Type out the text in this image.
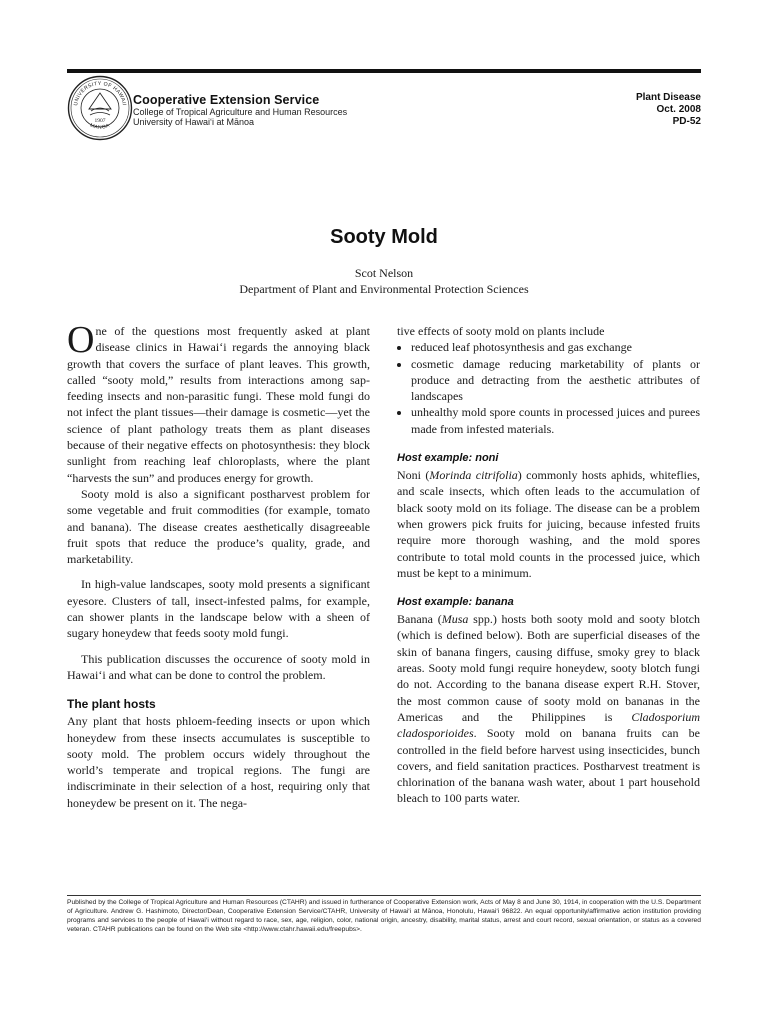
UNIVERSITY OF HAWAII
MANOA
1907
Cooperative Extension Service
College of Tropical Agriculture and Human Resources
University of Hawai‘i at Mānoa
Plant Disease
Oct. 2008
PD-52
Sooty Mold
Scot Nelson
Department of Plant and Environmental Protection Sciences

One of the questions most frequently asked at plant disease clinics in Hawai‘i regards the annoying black growth that covers the surface of plant leaves. This growth, called “sooty mold,” results from interactions among sap-feeding insects and non-parasitic fungi. These mold fungi do not infect the plant tissues—their damage is cosmetic—yet the science of plant pathology treats them as plant diseases because of their negative effects on photosynthesis: they block sunlight from reaching leaf chloroplasts, where the plant “harvests the sun” and produces energy for growth.

Sooty mold is also a significant postharvest problem for some vegetable and fruit commodities (for example, tomato and banana). The disease creates aesthetically disagreeable fruit spots that reduce the produce’s quality, grade, and marketability.

In high-value landscapes, sooty mold presents a significant eyesore. Clusters of tall, insect-infested palms, for example, can shower plants in the landscape below with a sheen of sugary honeydew that feeds sooty mold fungi.

This publication discusses the occurence of sooty mold in Hawai‘i and what can be done to control the problem.

The plant hosts

Any plant that hosts phloem-feeding insects or upon which honeydew from these insects accumulates is susceptible to sooty mold. The problem occurs widely throughout the world’s temperate and tropical regions. The fungi are indiscriminate in their selection of a host, requiring only that honeydew be present on it. The nega-

tive effects of sooty mold on plants include

• reduced leaf photosynthesis and gas exchange
• cosmetic damage reducing marketability of plants or produce and detracting from the aesthetic attributes of landscapes
• unhealthy mold spore counts in processed juices and purees made from infested materials.
Host example: noni

Noni (Morinda citrifolia) commonly hosts aphids, whiteflies, and scale insects, which often leads to the accumulation of black sooty mold on its foliage. The disease can be a problem when growers pick fruits for juicing, because infested fruits require more thorough washing, and the mold spores contribute to total mold counts in the processed juice, which must be kept to a minimum.

Host example: banana

Banana (Musa spp.) hosts both sooty mold and sooty blotch (which is defined below). Both are superficial diseases of the skin of banana fingers, causing diffuse, smoky grey to black areas. Sooty mold fungi require honeydew, sooty blotch fungi do not. According to the banana disease expert R.H. Stover, the most common cause of sooty mold on bananas in the Americas and the Philippines is Cladosporium cladosporioides. Sooty mold on banana fruits can be controlled in the field before harvest using insecticides, bunch covers, and field sanitation practices. Postharvest treatment is chlorination of the banana wash water, about 1 part household bleach to 100 parts water.

Published by the College of Tropical Agriculture and Human Resources (CTAHR) and issued in furtherance of Cooperative Extension work, Acts of May 8 and June 30, 1914, in cooperation with the U.S. Department of Agriculture. Andrew G. Hashimoto, Director/Dean, Cooperative Extension Service/CTAHR, University of Hawai‘i at Mānoa, Honolulu, Hawai‘i 96822. An equal opportunity/affirmative action institution providing programs and services to the people of Hawai‘i without regard to race, sex, age, religion, color, national origin, ancestry, disability, marital status, arrest and court record, sexual orientation, or status as a covered veteran. CTAHR publications can be found on the Web site <http://www.ctahr.hawaii.edu/freepubs>.
